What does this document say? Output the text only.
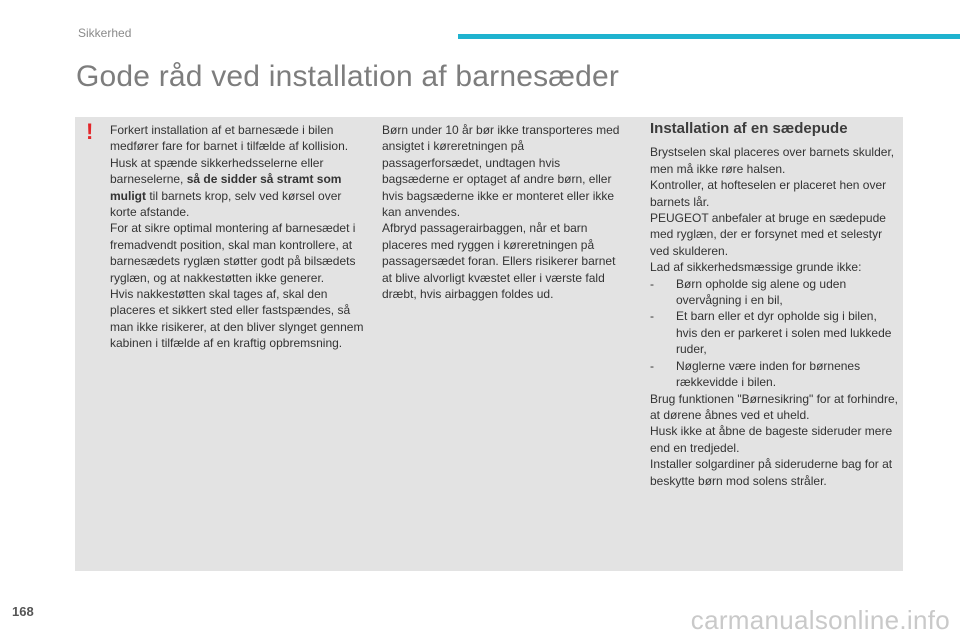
Sikkerhed
Gode råd ved installation af barnesæder
! Forkert installation af et barnesæde i bilen medfører fare for barnet i tilfælde af kollision.

Husk at spænde sikkerhedsselerne eller barneselerne, så de sidder så stramt som muligt til barnets krop, selv ved kørsel over korte afstande.

For at sikre optimal montering af barnesædet i fremadvendt position, skal man kontrollere, at barnesædets ryglæn støtter godt på bilsædets ryglæn, og at nakkestøtten ikke generer.

Hvis nakkestøtten skal tages af, skal den placeres et sikkert sted eller fastspændes, så man ikke risikerer, at den bliver slynget gennem kabinen i tilfælde af en kraftig opbremsning.

Børn under 10 år bør ikke transporteres med ansigtet i køreretningen på passagerforsædet, undtagen hvis bagsæderne er optaget af andre børn, eller hvis bagsæderne ikke er monteret eller ikke kan anvendes.

Afbryd passagerairbaggen, når et barn placeres med ryggen i køreretningen på passagersædet foran. Ellers risikerer barnet at blive alvorligt kvæstet eller i værste fald dræbt, hvis airbaggen foldes ud.

Installation af en sædepude

Brystselen skal placeres over barnets skulder, men må ikke røre halsen.

Kontroller, at hofteselen er placeret hen over barnets lår.

PEUGEOT anbefaler at bruge en sædepude med ryglæn, der er forsynet med et selestyr ved skulderen.

Lad af sikkerhedsmæssige grunde ikke:

-	Børn opholde sig alene og uden overvågning i en bil,
-	Et barn eller et dyr opholde sig i bilen, hvis den er parkeret i solen med lukkede ruder,
-	Nøglerne være inden for børnenes rækkevidde i bilen.

Brug funktionen "Børnesikring" for at forhindre, at dørene åbnes ved et uheld.

Husk ikke at åbne de bageste sideruder mere end en tredjedel.

Installer solgardiner på sideruderne bag for at beskytte børn mod solens stråler.

168	carmanualsonline.info
